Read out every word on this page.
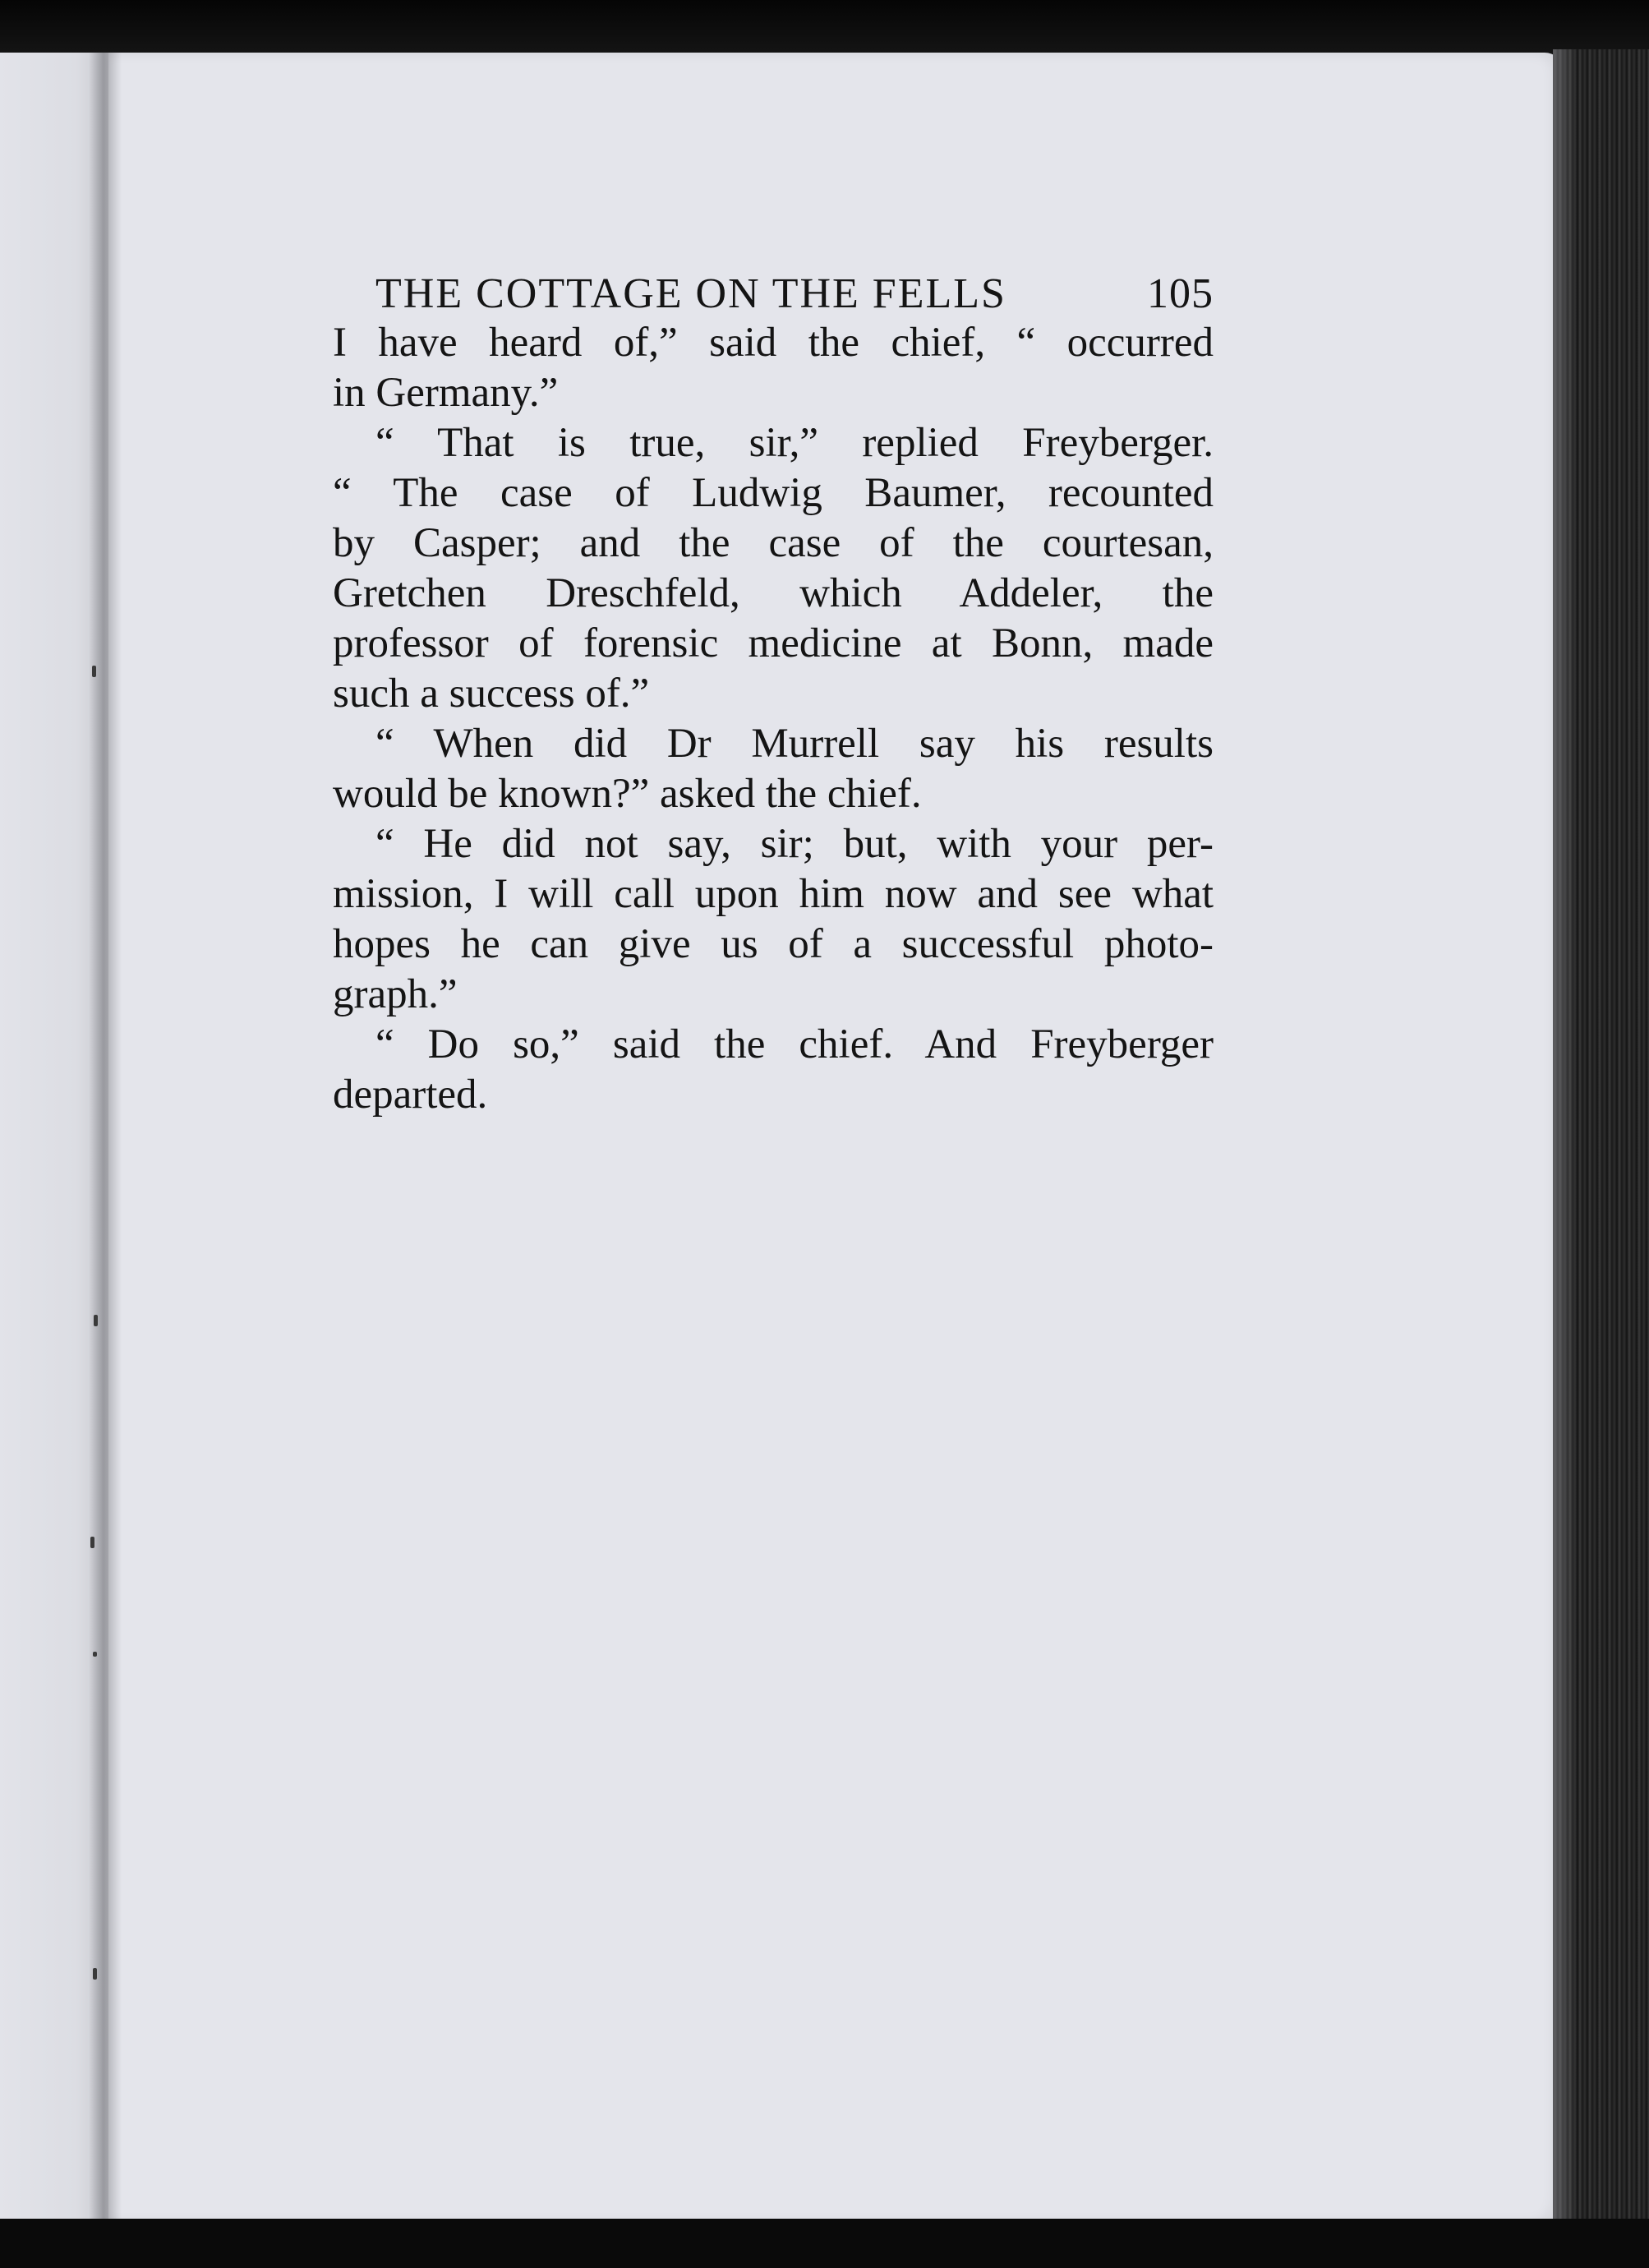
THE COTTAGE ON THE FELLS	105
I have heard of,” said the chief, “ occurred
in Germany.”
“ That is true, sir,” replied Freyberger.
“ The case of Ludwig Baumer, recounted
by Casper; and the case of the courtesan,
Gretchen Dreschfeld, which Addeler, the
professor of forensic medicine at Bonn, made
such a success of.”
“ When did Dr Murrell say his results
would be known?” asked the chief.
“ He did not say, sir; but, with your per-
mission, I will call upon him now and see what
hopes he can give us of a successful photo-
graph.”
“ Do so,” said the chief. And Freyberger
departed.
